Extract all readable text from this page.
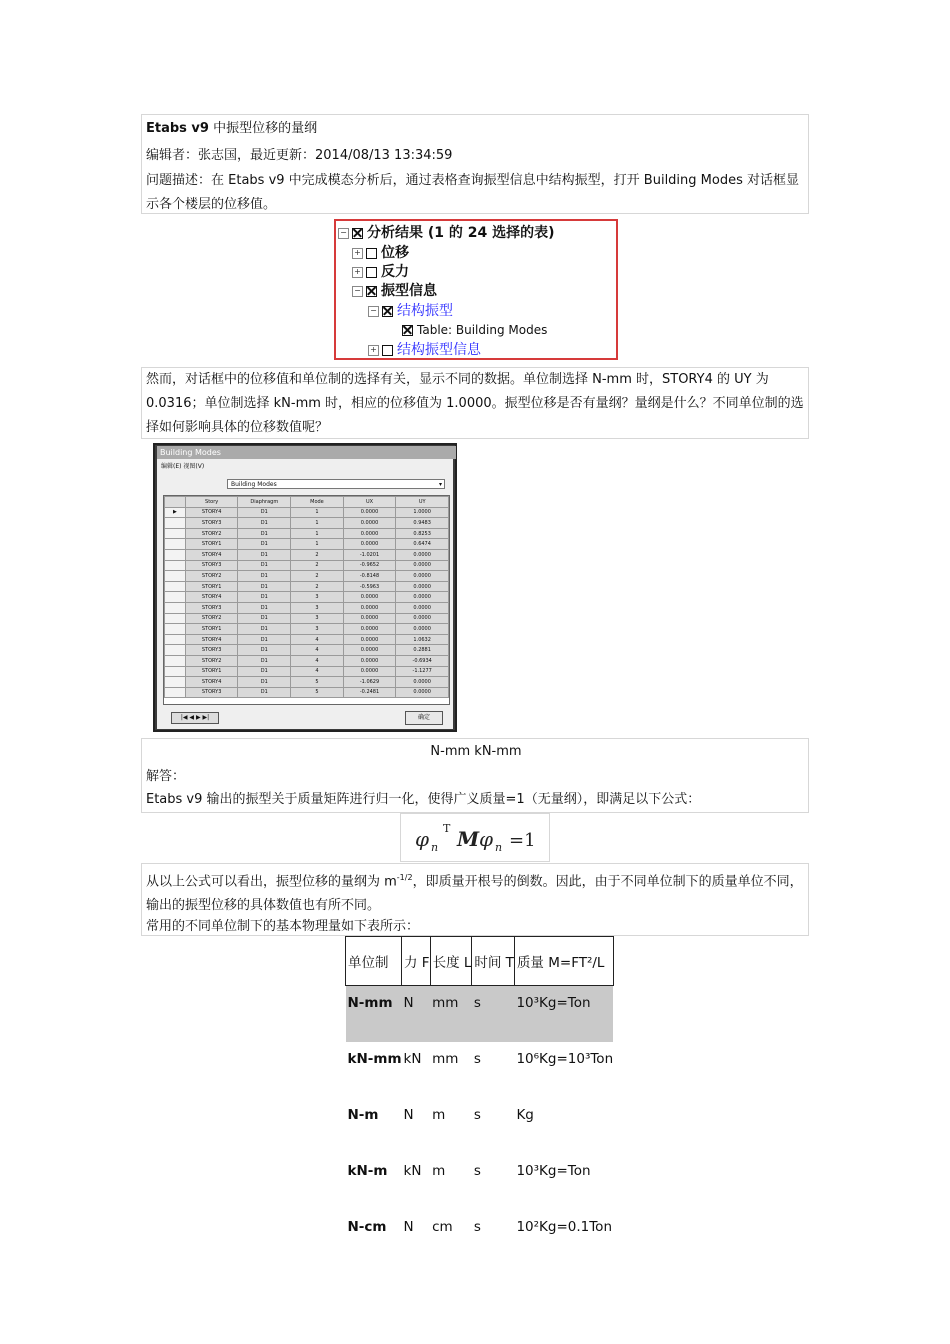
Etabs v9 中振型位移的量纲
编辑者：张志国，最近更新：2014/08/13 13:34:59
问题描述：在 Etabs v9 中完成模态分析后，通过表格查询振型信息中结构振型，打开 Building Modes 对话框显示各个楼层的位移值。
− 分析结果 (1 的 24 选择的表)
+ 位移
+ 反力
− 振型信息
− 结构振型
Table: Building Modes
+ 结构振型信息
然而，对话框中的位移值和单位制的选择有关，显示不同的数据。单位制选择 N-mm 时，STORY4 的 UY 为 0.0316；单位制选择 kN-mm 时，相应的位移值为 1.0000。振型位移是否有量纲？量纲是什么？不同单位制的选择如何影响具体的位移数值呢？
Building Modes
编辑(E) 视图(V)
Building Modes	▾
	Story	Diaphragm	Mode	UX	UY
▶	STORY4	D1	1	0.0000	1.0000
	STORY3	D1	1	0.0000	0.9483
	STORY2	D1	1	0.0000	0.8253
	STORY1	D1	1	0.0000	0.6474
	STORY4	D1	2	-1.0201	0.0000
	STORY3	D1	2	-0.9652	0.0000
	STORY2	D1	2	-0.8148	0.0000
	STORY1	D1	2	-0.5963	0.0000
	STORY4	D1	3	0.0000	0.0000
	STORY3	D1	3	0.0000	0.0000
	STORY2	D1	3	0.0000	0.0000
	STORY1	D1	3	0.0000	0.0000
	STORY4	D1	4	0.0000	1.0632
	STORY3	D1	4	0.0000	0.2881
	STORY2	D1	4	0.0000	-0.6934
	STORY1	D1	4	0.0000	-1.1277
	STORY4	D1	5	-1.0629	0.0000
	STORY3	D1	5	-0.2481	0.0000
|◀ ◀ ▶ ▶|	确定
N-mm kN-mm
解答：
Etabs v9 输出的振型关于质量矩阵进行归一化，使得广义质量=1（无量纲），即满足以下公式：
φ n
T M φ n =1
从以上公式可以看出，振型位移的量纲为 $m^{-1/2}$，即质量开根号的倒数。因此，由于不同单位制下的质量单位不同，输出的振型位移的具体数值也有所不同。
常用的不同单位制下的基本物理量如下表所示：
单位制	力 F	长度 L	时间 T	质量 M=FT²/L
N-mm	N	mm	s	10³Kg=Ton
kN-mm	kN	mm	s	10⁶Kg=10³Ton
N-m	N	m	s	Kg
kN-m	kN	m	s	10³Kg=Ton
N-cm	N	cm	s	10²Kg=0.1Ton
